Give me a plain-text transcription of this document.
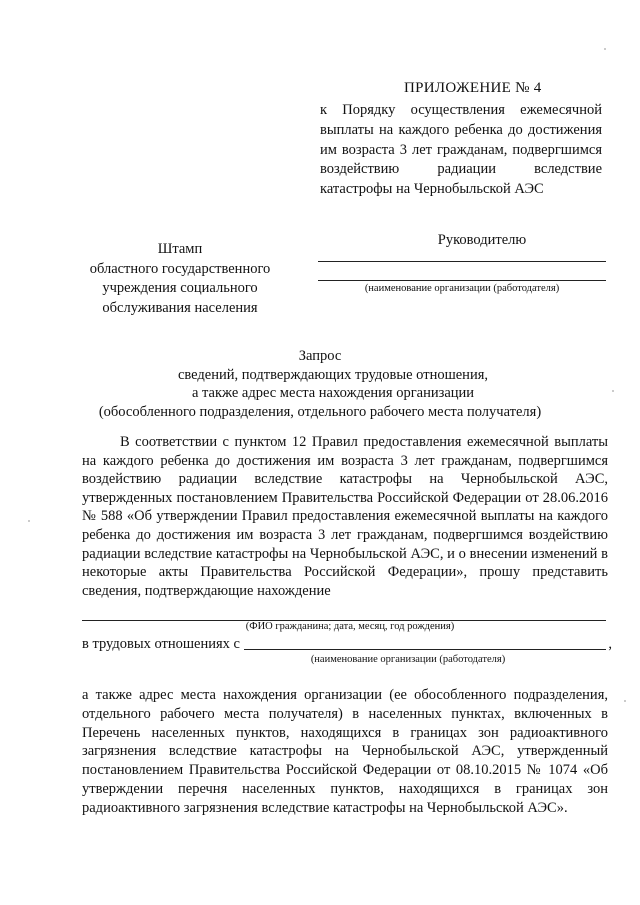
ПРИЛОЖЕНИЕ № 4
к Порядку осуществления ежемесячной выплаты на каждого ребенка до достижения им возраста 3 лет гражданам, подвергшимся воздействию радиации вследствие катастрофы на Чернобыльской АЭС
Штамп
областного государственного
учреждения социального
обслуживания населения
Руководителю
(наименование организации (работодателя)
Запрос
сведений, подтверждающих трудовые отношения,
а также адрес места нахождения организации
(обособленного подразделения, отдельного рабочего места получателя)
В соответствии с пунктом 12 Правил предоставления ежемесячной выплаты на каждого ребенка до достижения им возраста 3 лет гражданам, подвергшимся воздействию радиации вследствие катастрофы на Чернобыльской АЭС, утвержденных постановлением Правительства Российской Федерации от 28.06.2016 № 588 «Об утверждении Правил предоставления ежемесячной выплаты на каждого ребенка до достижения им возраста 3 лет гражданам, подвергшимся воздействию радиации вследствие катастрофы на Чернобыльской АЭС, и о внесении изменений в некоторые акты Правительства Российской Федерации», прошу представить сведения, подтверждающие нахождение
(ФИО гражданина; дата, месяц, год рождения)
в трудовых отношениях с	,
(наименование организации (работодателя)
а также адрес места нахождения организации (ее обособленного подразделения, отдельного рабочего места получателя) в населенных пунктах, включенных в Перечень населенных пунктов, находящихся в границах зон радиоактивного загрязнения вследствие катастрофы на Чернобыльской АЭС, утвержденный постановлением Правительства Российской Федерации от 08.10.2015 № 1074 «Об утверждении перечня населенных пунктов, находящихся в границах зон радиоактивного загрязнения вследствие катастрофы на Чернобыльской АЭС».
